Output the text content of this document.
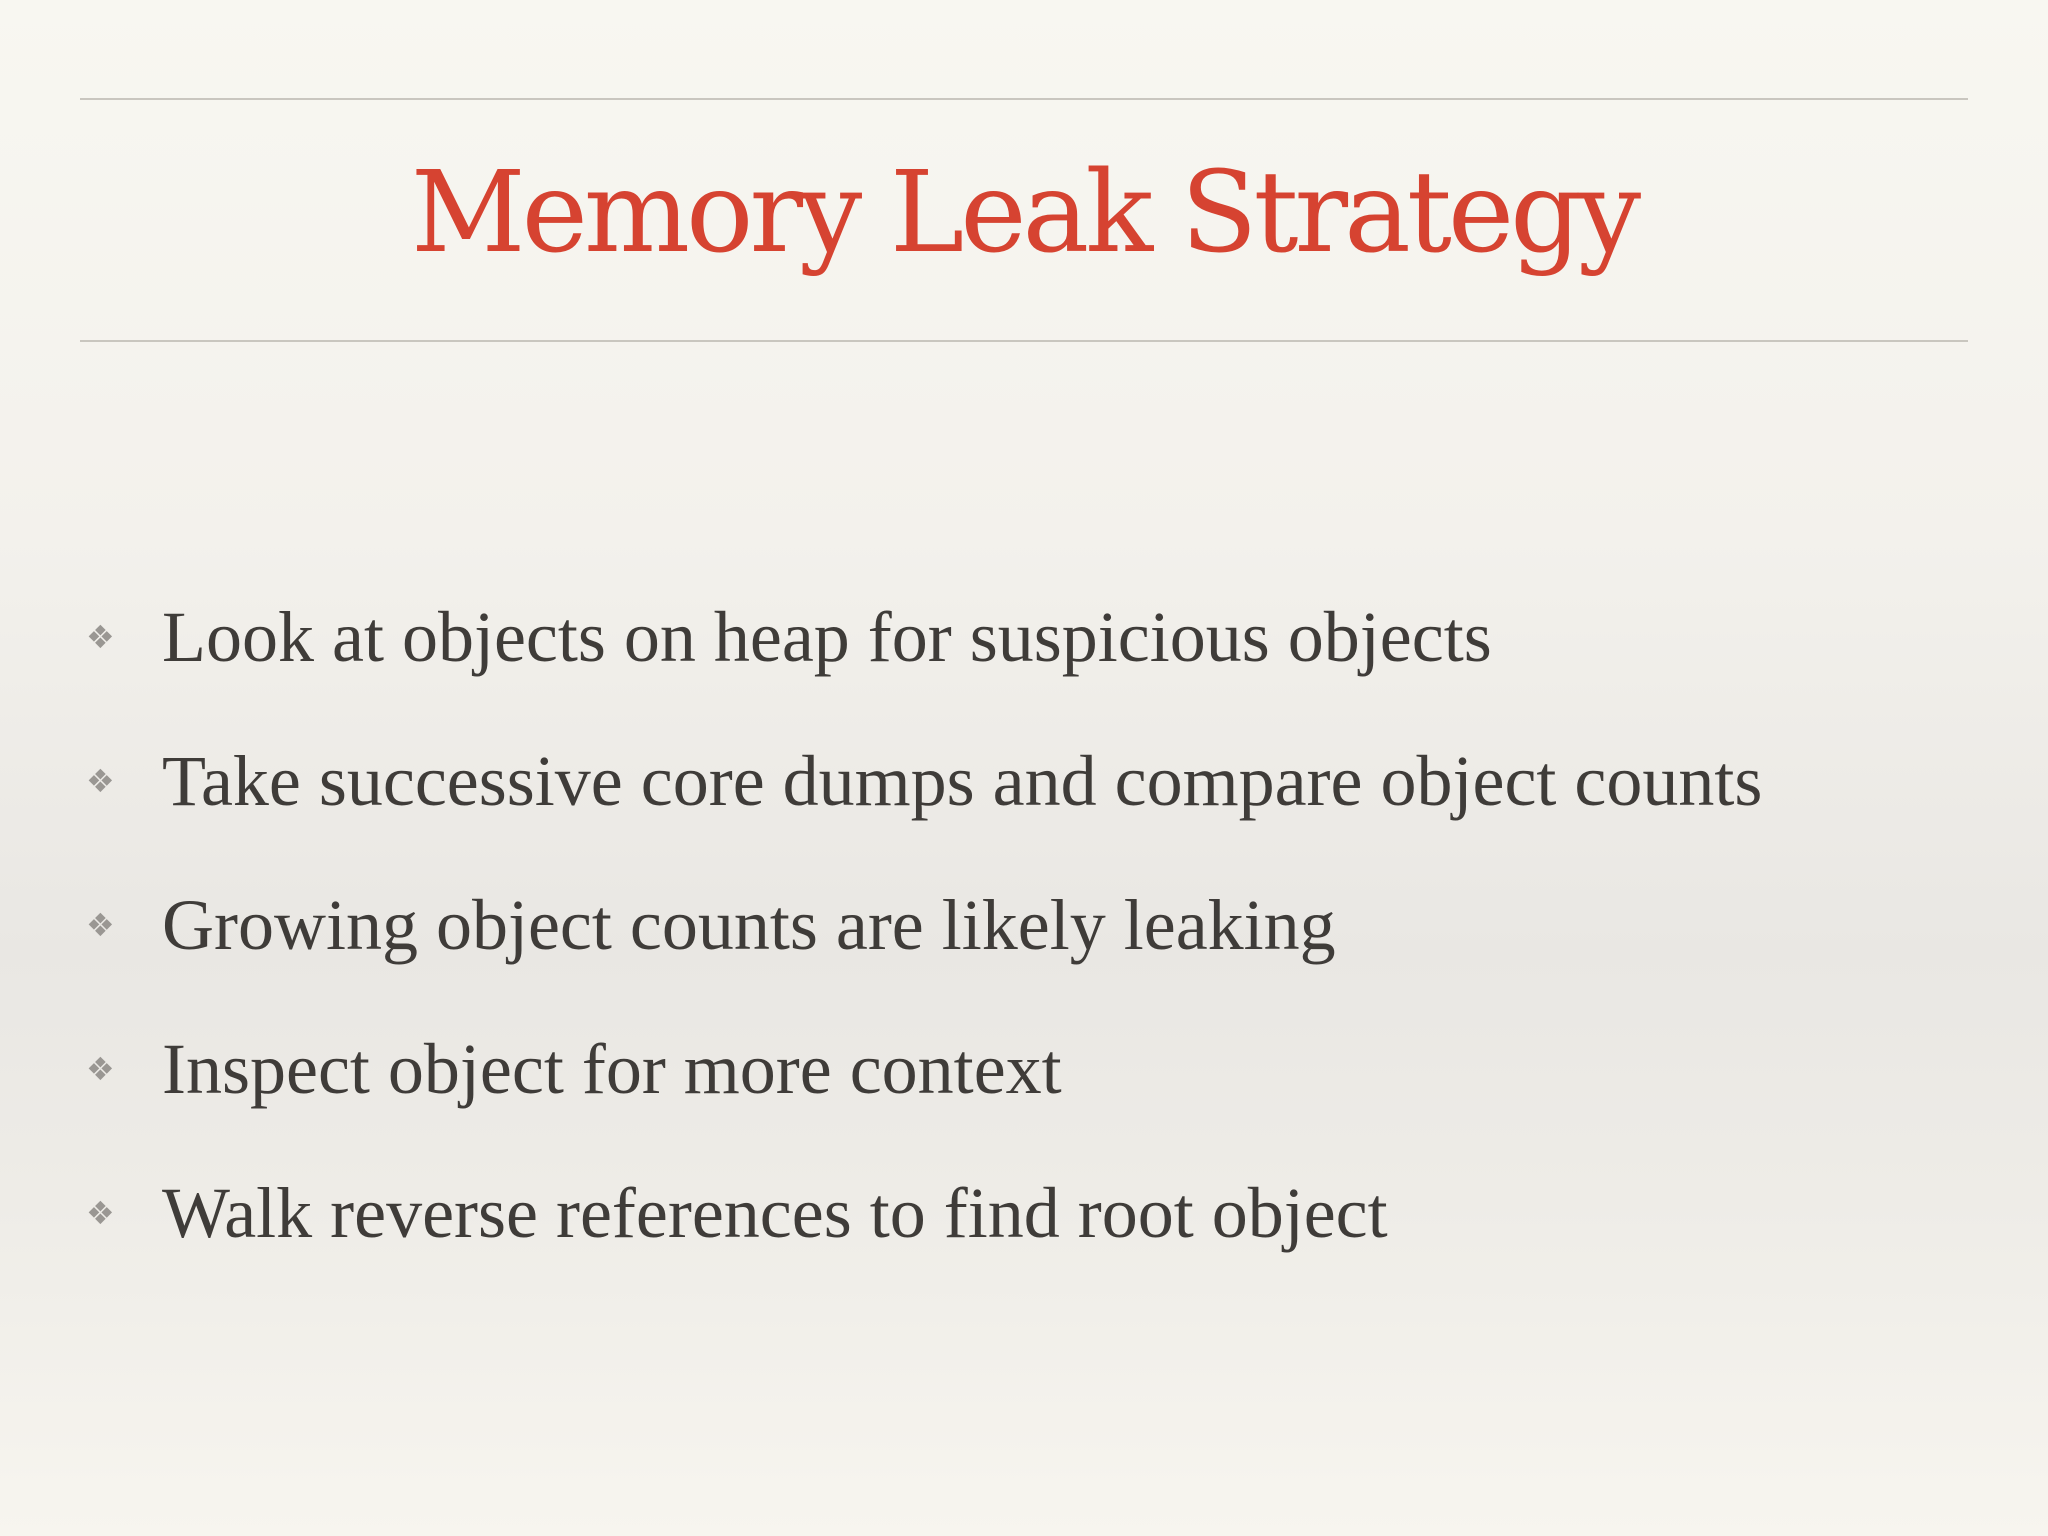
Memory Leak Strategy
❖ Look at objects on heap for suspicious objects
❖ Take successive core dumps and compare object counts
❖ Growing object counts are likely leaking
❖ Inspect object for more context
❖ Walk reverse references to find root object
